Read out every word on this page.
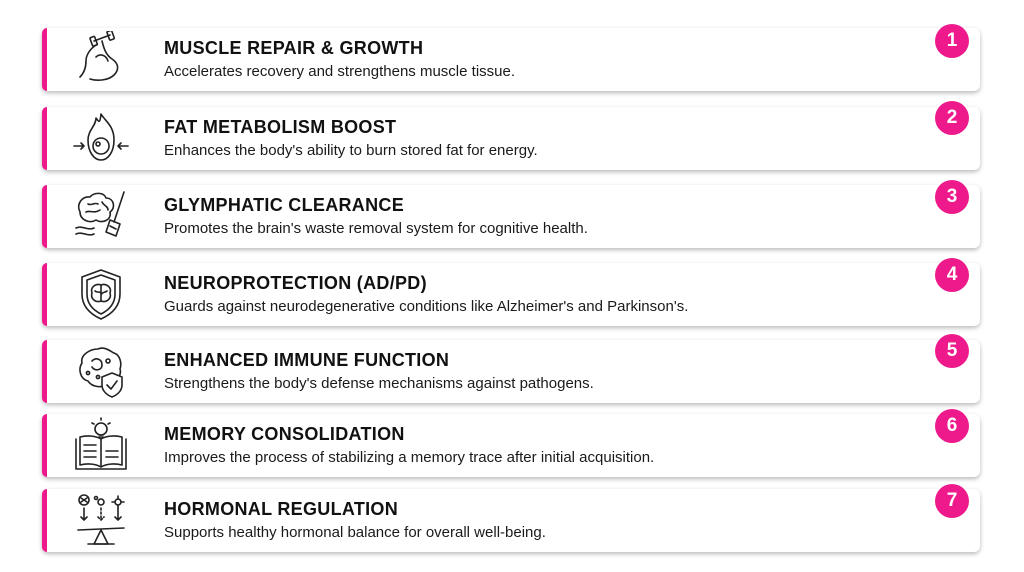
MUSCLE REPAIR & GROWTH
Accelerates recovery and strengthens muscle tissue.
1
FAT METABOLISM BOOST
Enhances the body's ability to burn stored fat for energy.
2
GLYMPHATIC CLEARANCE
Promotes the brain's waste removal system for cognitive health.
3
NEUROPROTECTION (AD/PD)
Guards against neurodegenerative conditions like Alzheimer's and Parkinson's.
4
ENHANCED IMMUNE FUNCTION
Strengthens the body's defense mechanisms against pathogens.
5
MEMORY CONSOLIDATION
Improves the process of stabilizing a memory trace after initial acquisition.
6
HORMONAL REGULATION
Supports healthy hormonal balance for overall well-being.
7
